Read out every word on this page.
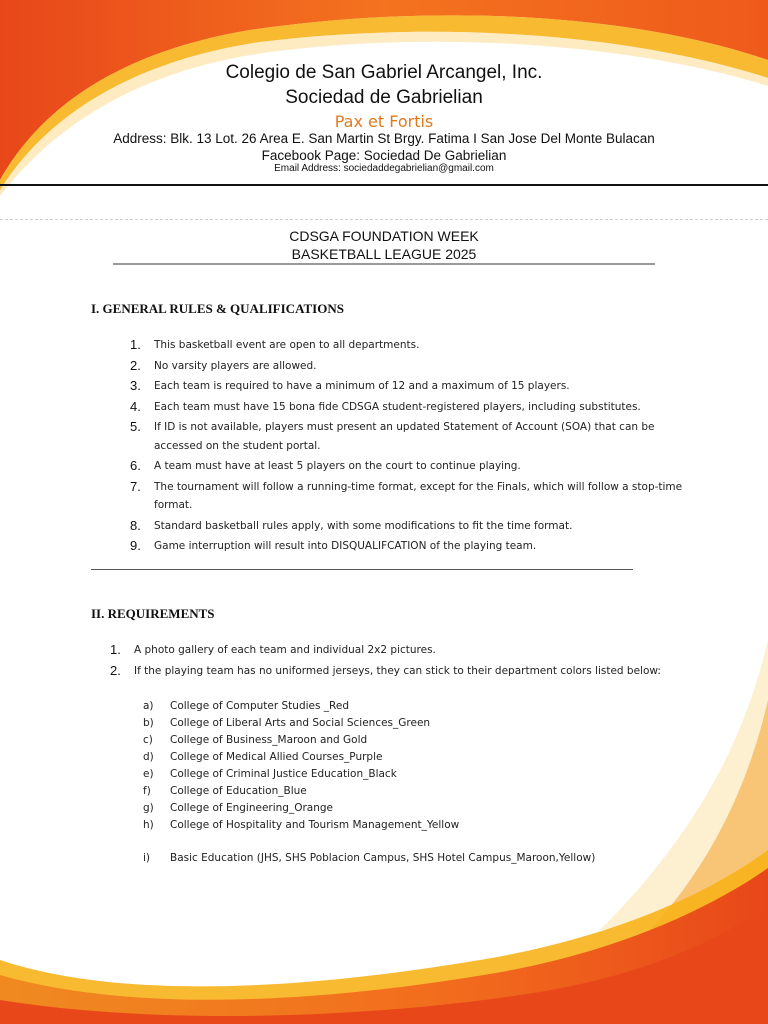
Colegio de San Gabriel Arcangel, Inc.
Sociedad de Gabrielian
Pax et Fortis
Address: Blk. 13 Lot. 26 Area E. San Martin St Brgy. Fatima I San Jose Del Monte Bulacan
Facebook Page: Sociedad De Gabrielian
Email Address: sociedaddegabrielian@gmail.com
CDSGA FOUNDATION WEEK
BASKETBALL LEAGUE 2025
I. GENERAL RULES & QUALIFICATIONS
1. This basketball event are open to all departments.
2. No varsity players are allowed.
3. Each team is required to have a minimum of 12 and a maximum of 15 players.
4. Each team must have 15 bona fide CDSGA student-registered players, including substitutes.
5. If ID is not available, players must present an updated Statement of Account (SOA) that can be accessed on the student portal.
6. A team must have at least 5 players on the court to continue playing.
7. The tournament will follow a running-time format, except for the Finals, which will follow a stop-time format.
8. Standard basketball rules apply, with some modifications to fit the time format.
9. Game interruption will result into DISQUALIFCATION of the playing team.
II. REQUIREMENTS
1. A photo gallery of each team and individual 2x2 pictures.
2. If the playing team has no uniformed jerseys, they can stick to their department colors listed below:
a) College of Computer Studies _Red
b) College of Liberal Arts and Social Sciences_Green
c) College of Business_Maroon and Gold
d) College of Medical Allied Courses_Purple
e) College of Criminal Justice Education_Black
f) College of Education_Blue
g) College of Engineering_Orange
h) College of Hospitality and Tourism Management_Yellow
i) Basic Education (JHS, SHS Poblacion Campus, SHS Hotel Campus_Maroon,Yellow)
